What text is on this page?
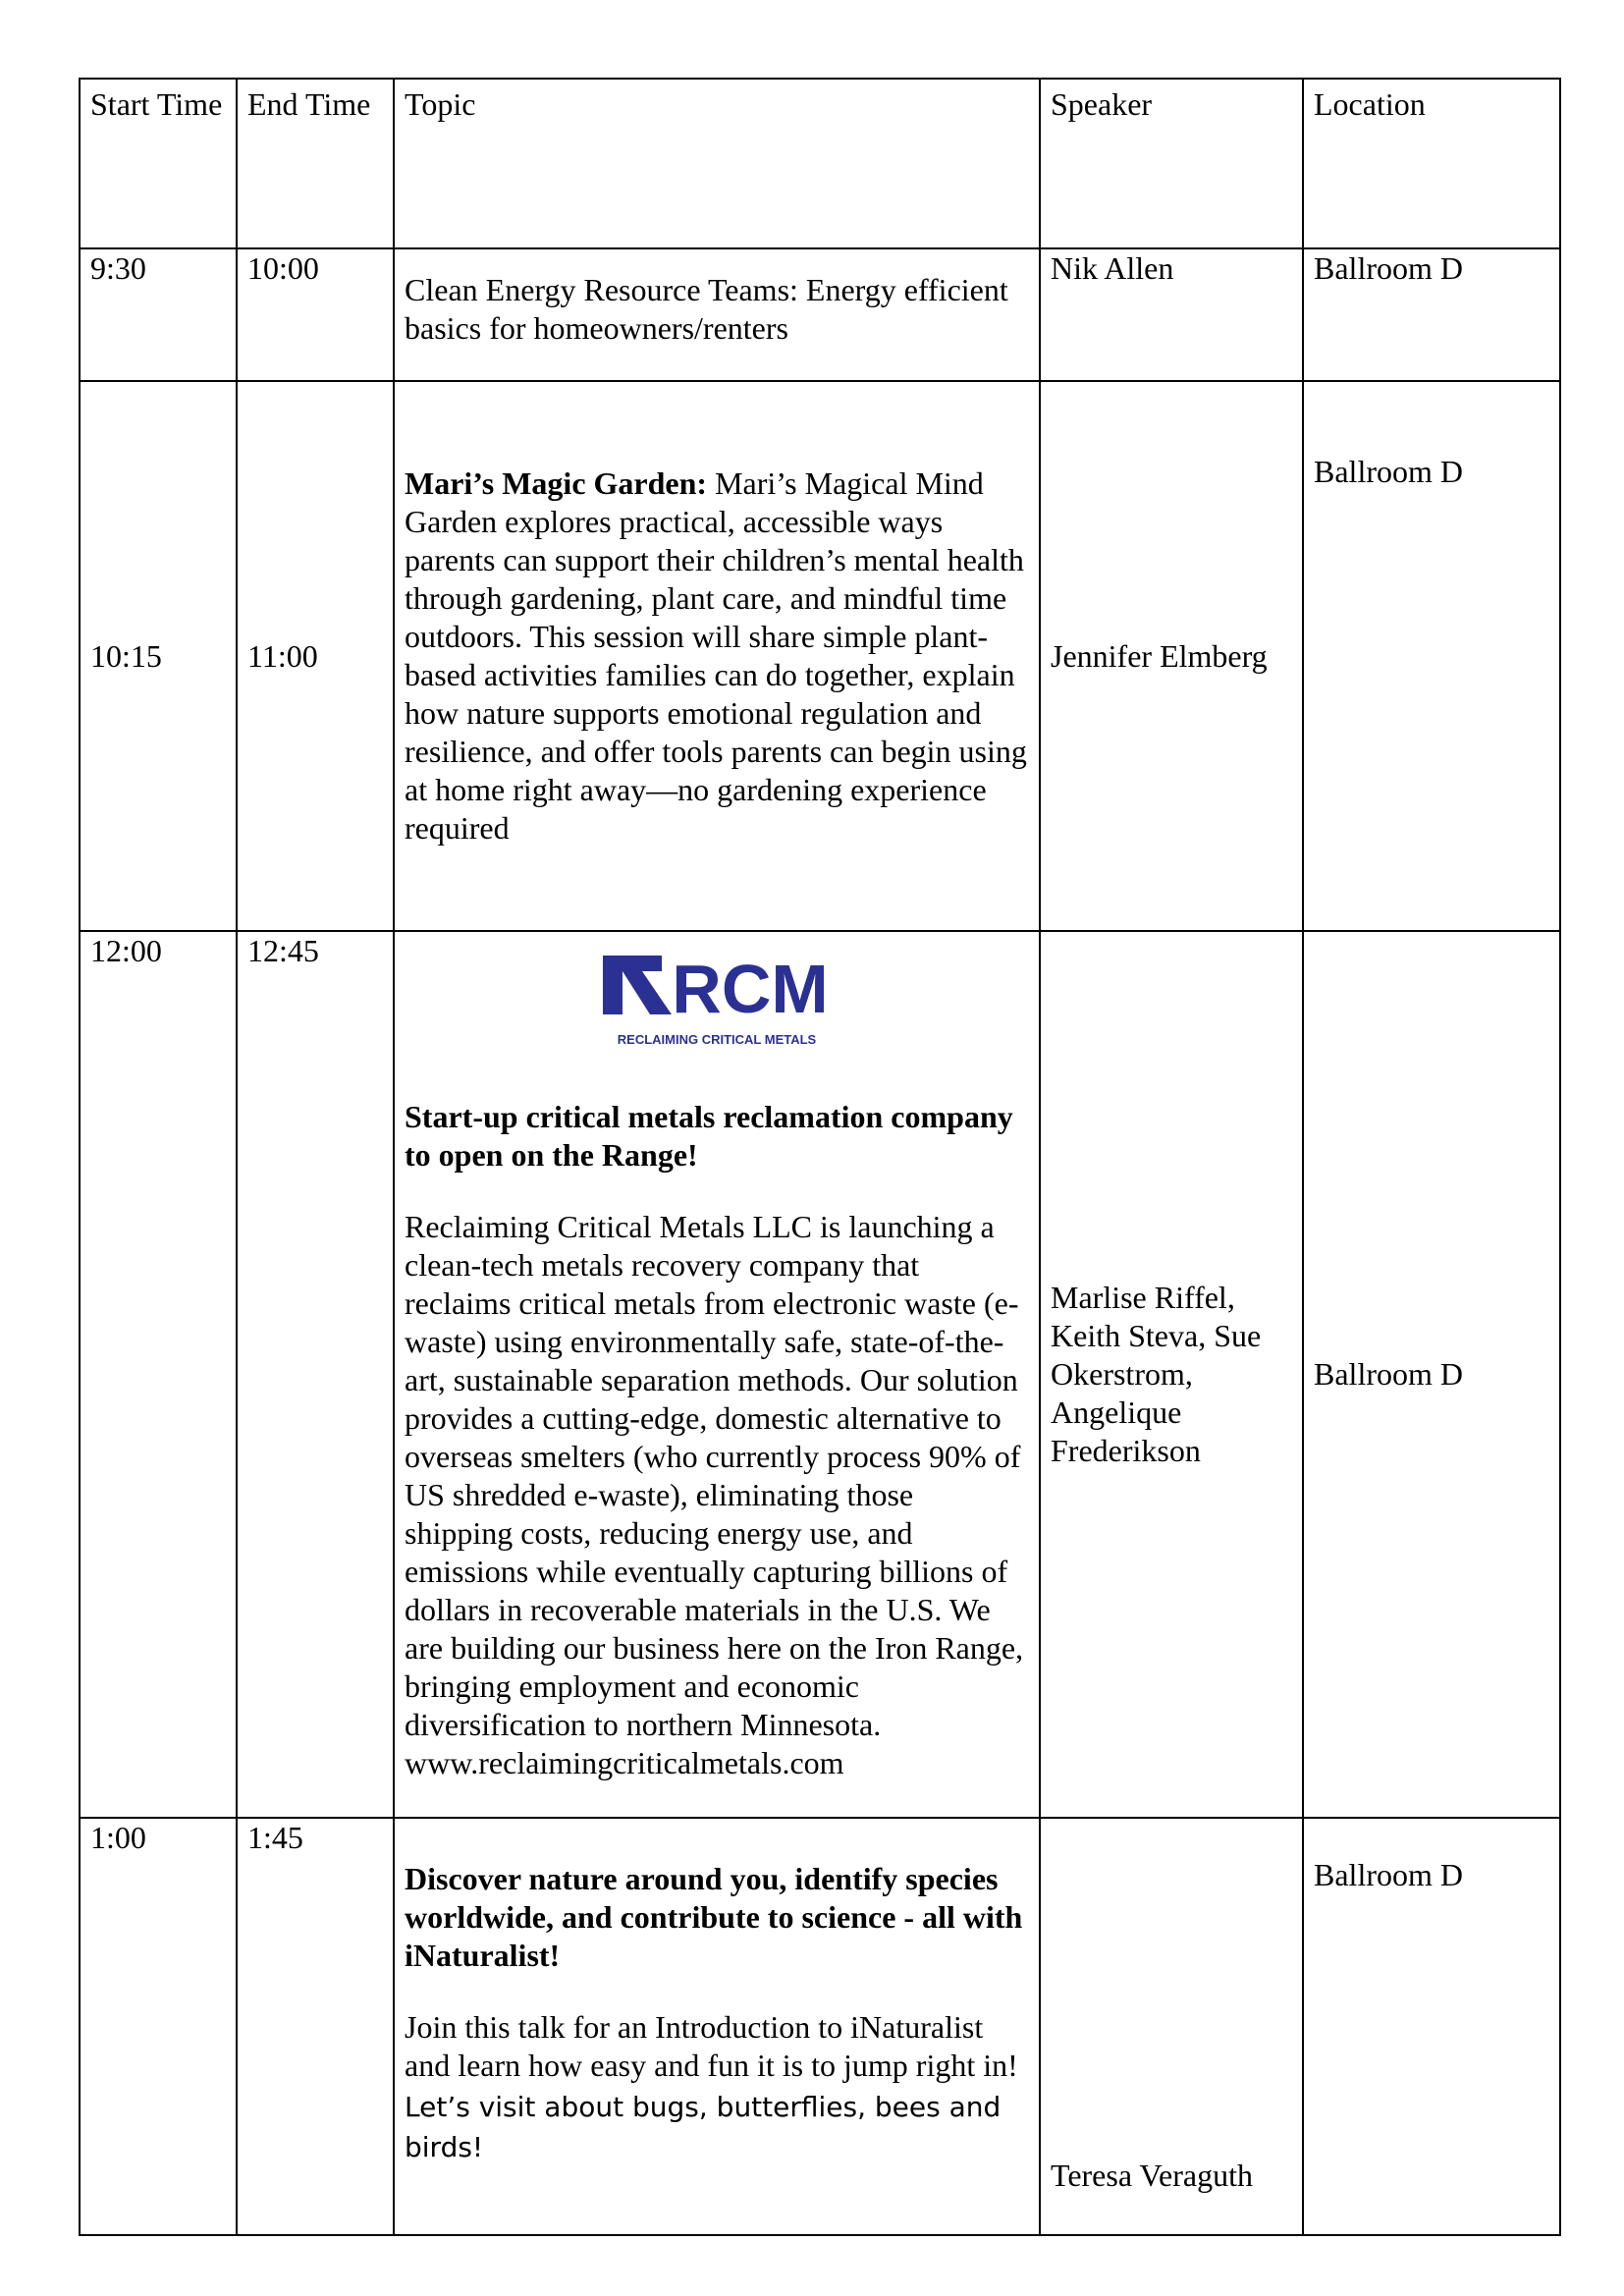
Start Time	End Time	Topic	Speaker	Location
9:30	10:00	Clean Energy Resource Teams: Energy efficient basics for homeowners/renters	Nik Allen	Ballroom D
10:15	11:00	Mari’s Magic Garden: Mari’s Magical Mind Garden explores practical, accessible ways parents can support their children’s mental health through gardening, plant care, and mindful time outdoors. This session will share simple plant-based activities families can do together, explain how nature supports emotional regulation and resilience, and offer tools parents can begin using at home right away—no gardening experience required	Jennifer Elmberg	Ballroom D
12:00	12:45	RCM
RECLAIMING CRITICAL METALS

Start-up critical metals reclamation company to open on the Range!

Reclaiming Critical Metals LLC is launching a clean-tech metals recovery company that reclaims critical metals from electronic waste (e-waste) using environmentally safe, state-of-the-art, sustainable separation methods. Our solution provides a cutting-edge, domestic alternative to overseas smelters (who currently process 90% of US shredded e-waste), eliminating those shipping costs, reducing energy use, and emissions while eventually capturing billions of dollars in recoverable materials in the U.S. We are building our business here on the Iron Range, bringing employment and economic diversification to northern Minnesota.
www.reclaimingcriticalmetals.com	Marlise Riffel, Keith Steva, Sue Okerstrom, Angelique Frederikson	Ballroom D
1:00	1:45	Discover nature around you, identify species worldwide, and contribute to science - all with iNaturalist!

Join this talk for an Introduction to iNaturalist and learn how easy and fun it is to jump right in! Let’s visit about bugs, butterflies, bees and birds!	Teresa Veraguth	Ballroom D
